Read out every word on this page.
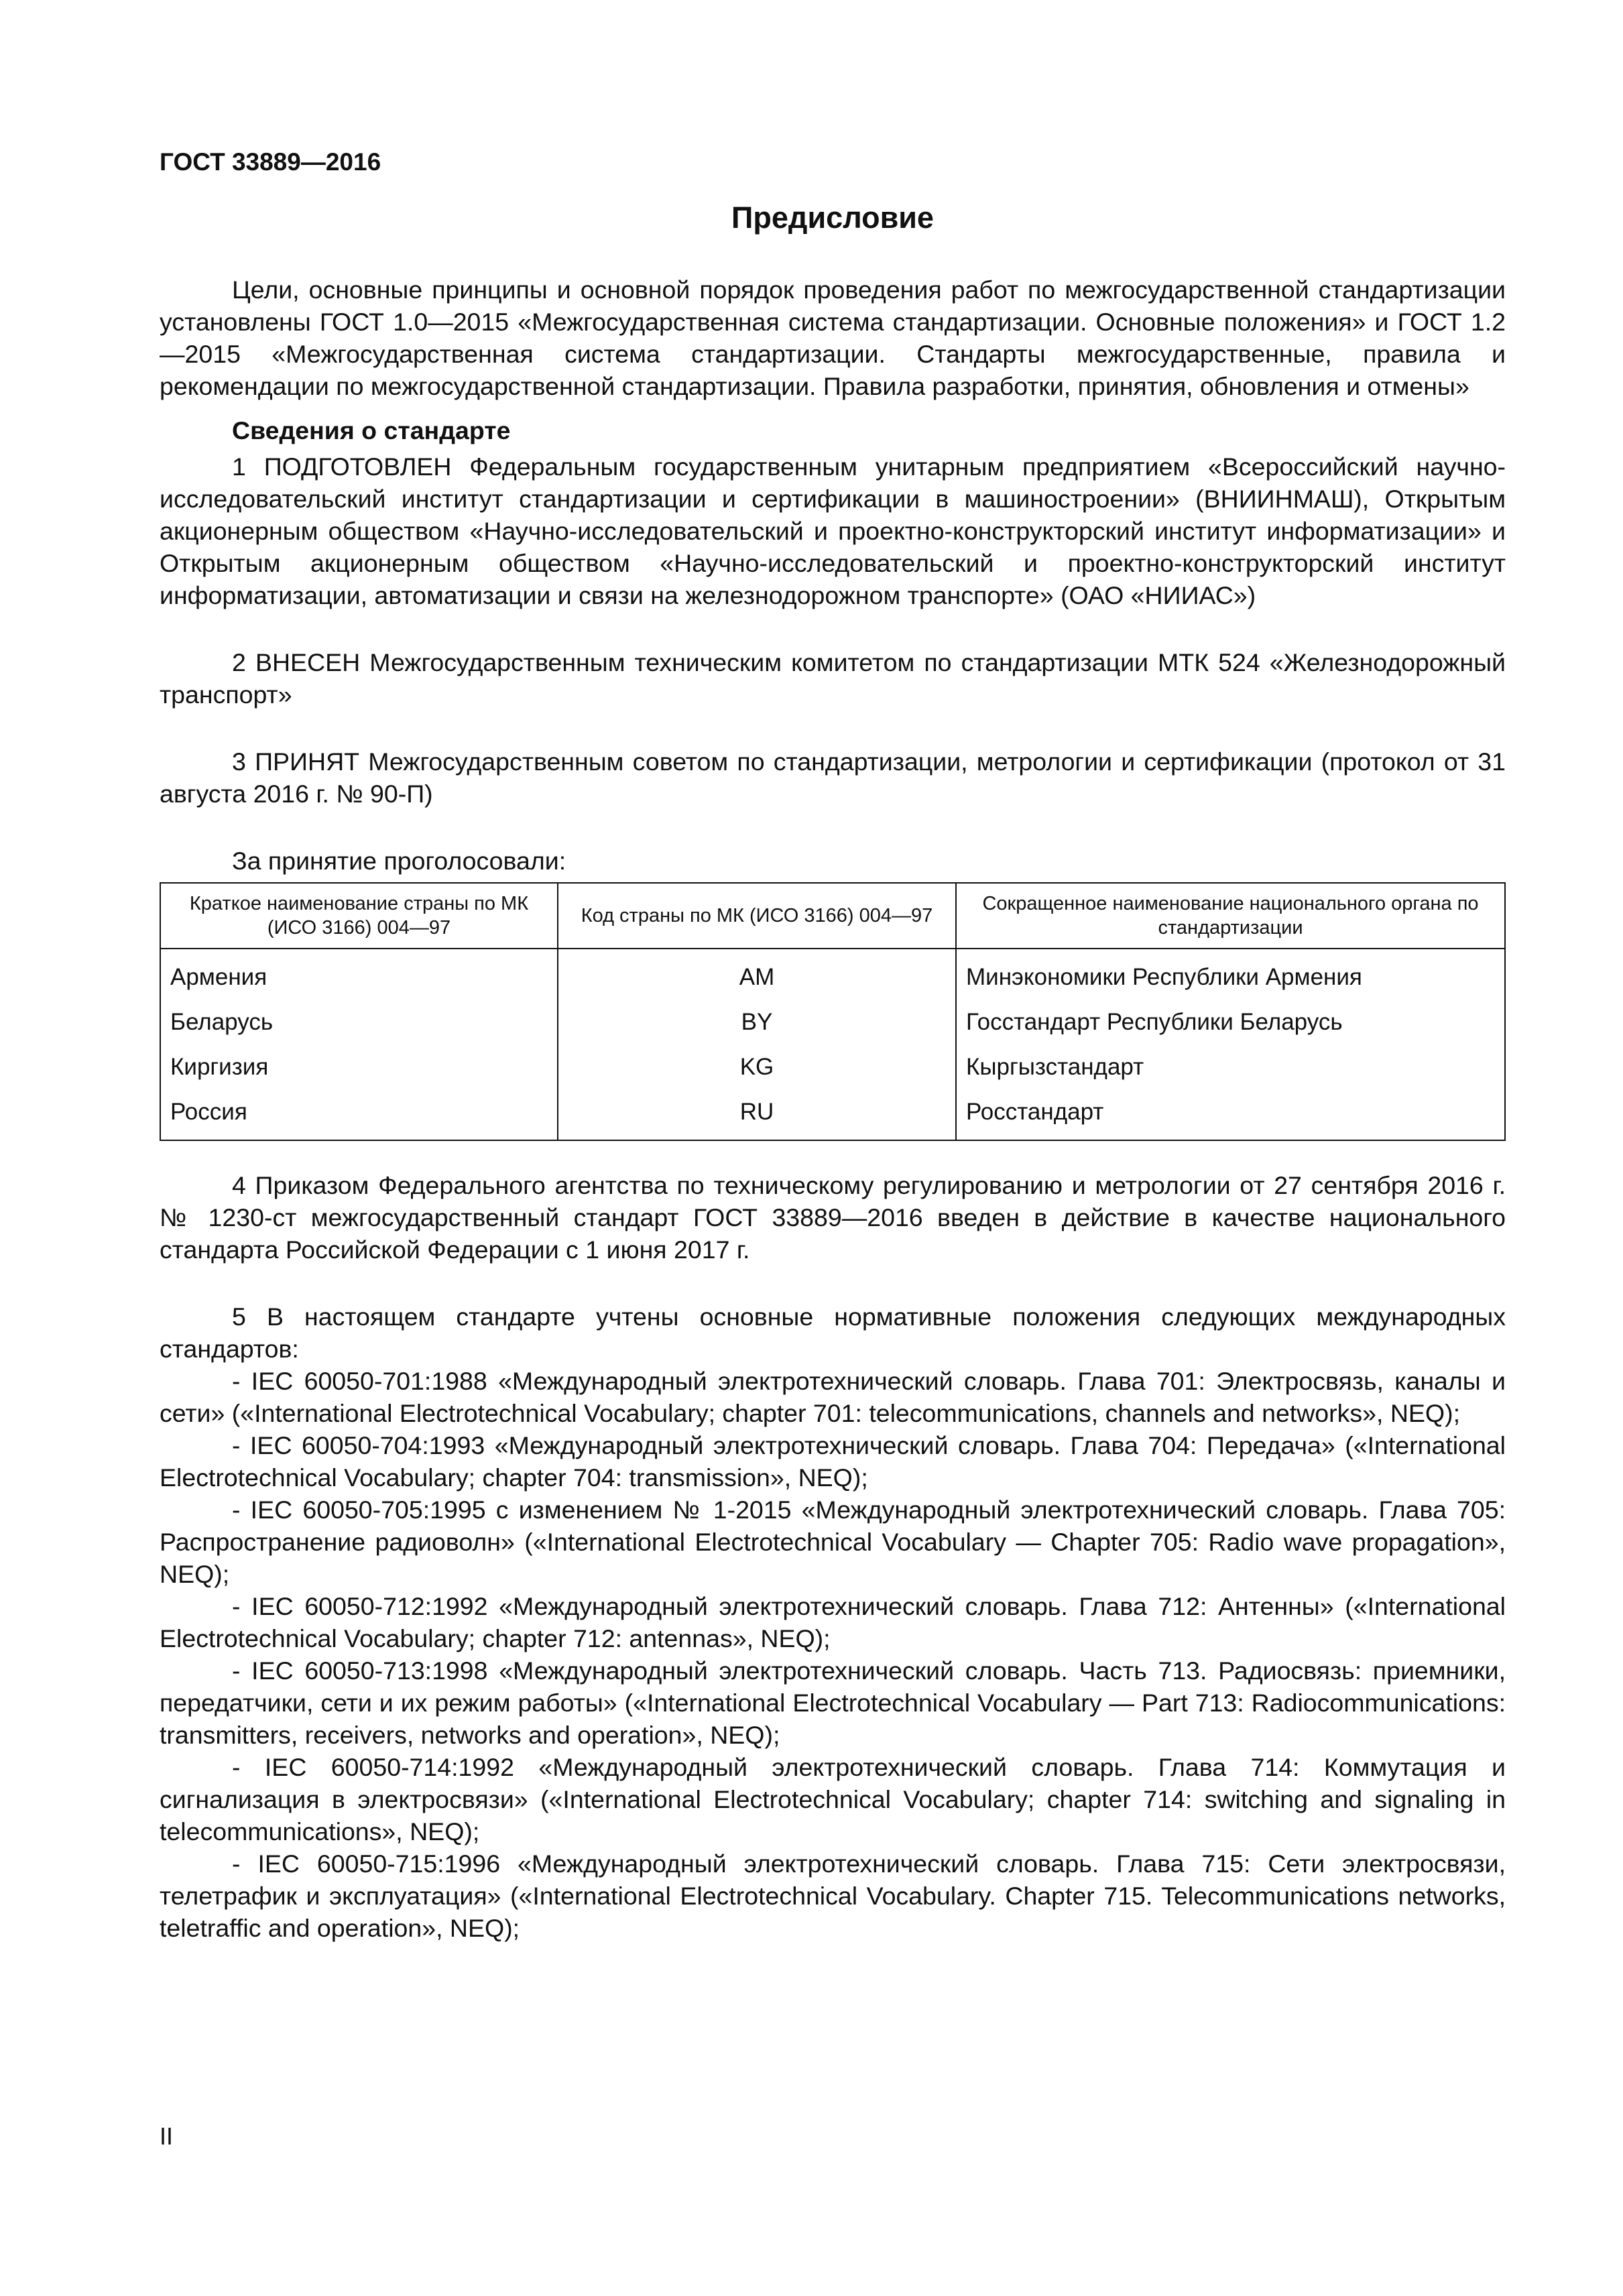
ГОСТ 33889—2016

Предисловие

Цели, основные принципы и основной порядок проведения работ по межгосударственной стандартизации установлены ГОСТ 1.0—2015 «Межгосударственная система стандартизации. Основные положения» и ГОСТ 1.2—2015 «Межгосударственная система стандартизации. Стандарты межгосударственные, правила и рекомендации по межгосударственной стандартизации. Правила разработки, принятия, обновления и отмены»

Сведения о стандарте

1 ПОДГОТОВЛЕН Федеральным государственным унитарным предприятием «Всероссийский научно-исследовательский институт стандартизации и сертификации в машиностроении» (ВНИИНМАШ), Открытым акционерным обществом «Научно-исследовательский и проектно-конструкторский институт информатизации» и Открытым акционерным обществом «Научно-исследовательский и проектно-конструкторский институт информатизации, автоматизации и связи на железнодорожном транспорте» (ОАО «НИИАС»)

2 ВНЕСЕН Межгосударственным техническим комитетом по стандартизации МТК 524 «Железнодорожный транспорт»

3 ПРИНЯТ Межгосударственным советом по стандартизации, метрологии и сертификации (протокол от 31 августа 2016 г. № 90-П)

За принятие проголосовали:

Краткое наименование страны по МК (ИСО 3166) 004—97	Код страны по МК (ИСО 3166) 004—97	Сокращенное наименование национального органа по стандартизации
Армения	AM	Минэкономики Республики Армения
Беларусь	BY	Госстандарт Республики Беларусь
Киргизия	KG	Кыргызстандарт
Россия	RU	Росстандарт

4 Приказом Федерального агентства по техническому регулированию и метрологии от 27 сентября 2016 г. № 1230-ст межгосударственный стандарт ГОСТ 33889—2016 введен в действие в качестве национального стандарта Российской Федерации с 1 июня 2017 г.

5 В настоящем стандарте учтены основные нормативные положения следующих международных стандартов:

- IEC 60050-701:1988 «Международный электротехнический словарь. Глава 701: Электросвязь, каналы и сети» («International Electrotechnical Vocabulary; chapter 701: telecommunications, channels and networks», NEQ);

- IEC 60050-704:1993 «Международный электротехнический словарь. Глава 704: Передача» («International Electrotechnical Vocabulary; chapter 704: transmission», NEQ);

- IEC 60050-705:1995 с изменением № 1-2015 «Международный электротехнический словарь. Глава 705: Распространение радиоволн» («International Electrotechnical Vocabulary — Chapter 705: Radio wave propagation», NEQ);

- IEC 60050-712:1992 «Международный электротехнический словарь. Глава 712: Антенны» («International Electrotechnical Vocabulary; chapter 712: antennas», NEQ);

- IEC 60050-713:1998 «Международный электротехнический словарь. Часть 713. Радиосвязь: приемники, передатчики, сети и их режим работы» («International Electrotechnical Vocabulary — Part 713: Radiocommunications: transmitters, receivers, networks and operation», NEQ);

- IEC 60050-714:1992 «Международный электротехнический словарь. Глава 714: Коммутация и сигнализация в электросвязи» («International Electrotechnical Vocabulary; chapter 714: switching and signaling in telecommunications», NEQ);

- IEC 60050-715:1996 «Международный электротехнический словарь. Глава 715: Сети электросвязи, телетрафик и эксплуатация» («International Electrotechnical Vocabulary. Chapter 715. Telecommunications networks, teletraffic and operation», NEQ);

II
